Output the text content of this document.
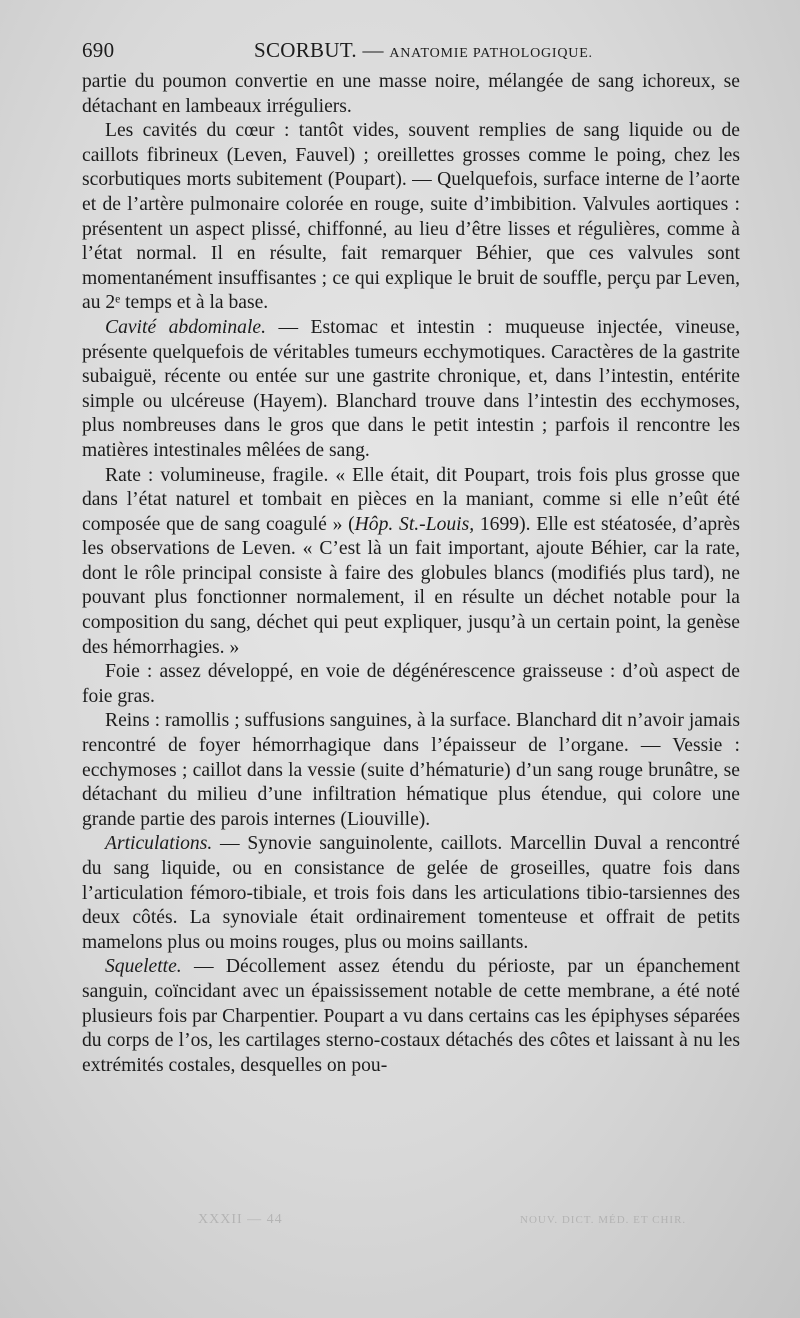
690	SCORBUT. — ANATOMIE PATHOLOGIQUE.

partie du poumon convertie en une masse noire, mélangée de sang ichoreux, se détachant en lambeaux irréguliers.

Les cavités du cœur : tantôt vides, souvent remplies de sang liquide ou de caillots fibrineux (Leven, Fauvel) ; oreillettes grosses comme le poing, chez les scorbutiques morts subitement (Poupart). — Quelquefois, surface interne de l’aorte et de l’artère pulmonaire colorée en rouge, suite d’imbibition. Valvules aortiques : présentent un aspect plissé, chiffonné, au lieu d’être lisses et régulières, comme à l’état normal. Il en résulte, fait remarquer Béhier, que ces valvules sont momentanément insuffisantes ; ce qui explique le bruit de souffle, perçu par Leven, au 2ᵉ temps et à la base.

Cavité abdominale. — Estomac et intestin : muqueuse injectée, vineuse, présente quelquefois de véritables tumeurs ecchymotiques. Caractères de la gastrite subaiguë, récente ou entée sur une gastrite chronique, et, dans l’intestin, entérite simple ou ulcéreuse (Hayem). Blanchard trouve dans l’intestin des ecchymoses, plus nombreuses dans le gros que dans le petit intestin ; parfois il rencontre les matières intestinales mêlées de sang.

Rate : volumineuse, fragile. « Elle était, dit Poupart, trois fois plus grosse que dans l’état naturel et tombait en pièces en la maniant, comme si elle n’eût été composée que de sang coagulé » (Hôp. St.-Louis, 1699). Elle est stéatosée, d’après les observations de Leven. « C’est là un fait important, ajoute Béhier, car la rate, dont le rôle principal consiste à faire des globules blancs (modifiés plus tard), ne pouvant plus fonctionner normalement, il en résulte un déchet notable pour la composition du sang, déchet qui peut expliquer, jusqu’à un certain point, la genèse des hémorrhagies. »

Foie : assez développé, en voie de dégénérescence graisseuse : d’où aspect de foie gras.

Reins : ramollis ; suffusions sanguines, à la surface. Blanchard dit n’avoir jamais rencontré de foyer hémorrhagique dans l’épaisseur de l’organe. — Vessie : ecchymoses ; caillot dans la vessie (suite d’hématurie) d’un sang rouge brunâtre, se détachant du milieu d’une infiltration hématique plus étendue, qui colore une grande partie des parois internes (Liouville).

Articulations. — Synovie sanguinolente, caillots. Marcellin Duval a rencontré du sang liquide, ou en consistance de gelée de groseilles, quatre fois dans l’articulation fémoro-tibiale, et trois fois dans les articulations tibio-tarsiennes des deux côtés. La synoviale était ordinairement tomenteuse et offrait de petits mamelons plus ou moins rouges, plus ou moins saillants.

Squelette. — Décollement assez étendu du périoste, par un épanchement sanguin, coïncidant avec un épaississement notable de cette membrane, a été noté plusieurs fois par Charpentier. Poupart a vu dans certains cas les épiphyses séparées du corps de l’os, les cartilages sterno-costaux détachés des côtes et laissant à nu les extrémités costales, desquelles on pou-

XXXII — 44	NOUV. DICT. MÉD. ET CHIR.
